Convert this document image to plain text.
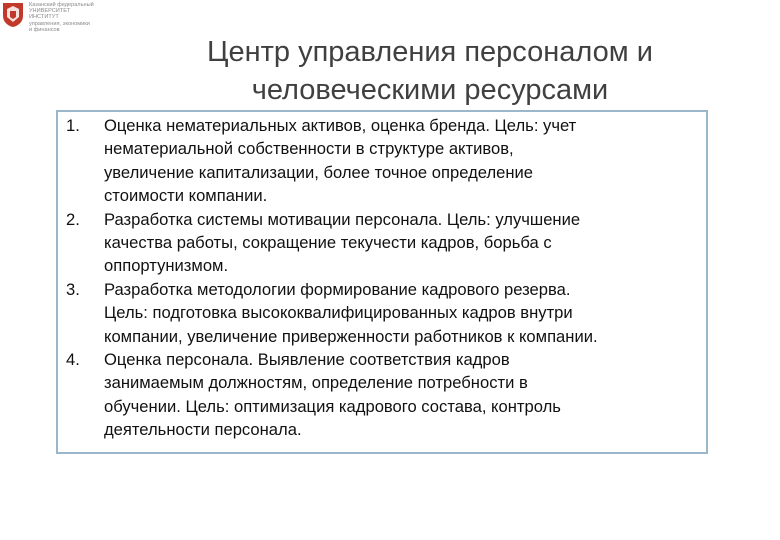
Казанский федеральный
УНИВЕРСИТЕТ
ИНСТИТУТ
управления, экономики
и финансов
Центр управления персоналом и
человеческими ресурсами
1. Оценка нематериальных активов, оценка бренда. Цель: учет
нематериальной собственности в структуре активов,
увеличение капитализации, более точное определение
стоимости компании.
2. Разработка системы мотивации персонала. Цель: улучшение
качества работы, сокращение текучести кадров, борьба с
оппортунизмом.
3. Разработка методологии формирование кадрового резерва.
Цель: подготовка высококвалифицированных кадров внутри
компании, увеличение приверженности работников к компании.
4. Оценка персонала. Выявление соответствия кадров
занимаемым должностям, определение потребности в
обучении. Цель: оптимизация кадрового состава, контроль
деятельности персонала.
